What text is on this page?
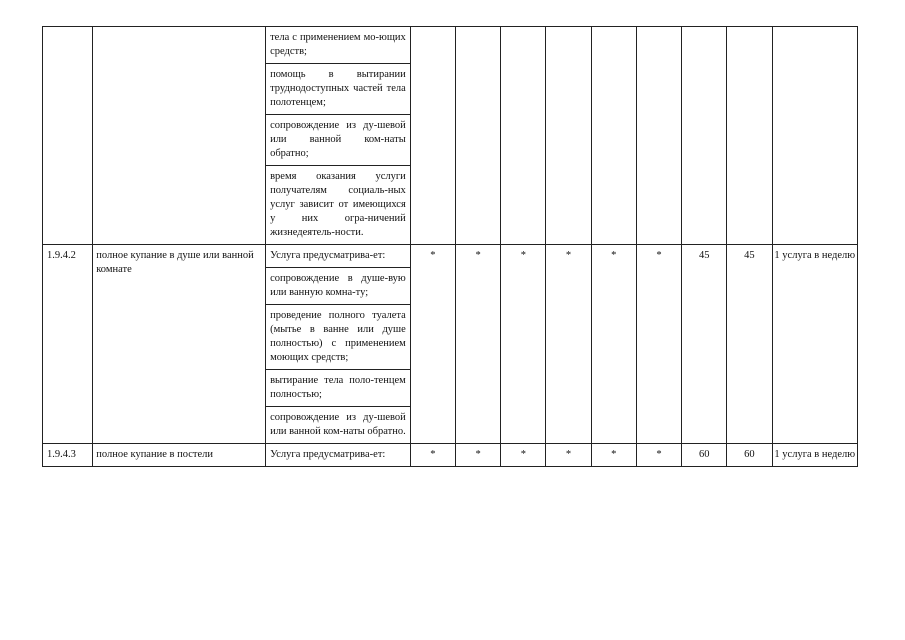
		тела с применением мо-ющих средств;
помощь в вытирании труднодоступных частей тела полотенцем;
сопровождение из ду-шевой или ванной ком-наты обратно;
время оказания услуги получателям социаль-ных услуг зависит от имеющихся у них огра-ничений жизнедеятель-ности.									

1.9.4.2	полное купание в душе или ванной комнате	Услуга предусматрива-ет:
сопровождение в душе-вую или ванную комна-ту;
проведение полного туалета (мытье в ванне или душе полностью) с применением моющих средств;
вытирание тела поло-тенцем полностью;
сопровождение из ду-шевой или ванной ком-наты обратно.	*	*	*	*	*	*	45	45	1 услуга в неделю
1.9.4.3	полное купание в постели	Услуга предусматрива-ет:	*	*	*	*	*	*	60	60	1 услуга в неделю
